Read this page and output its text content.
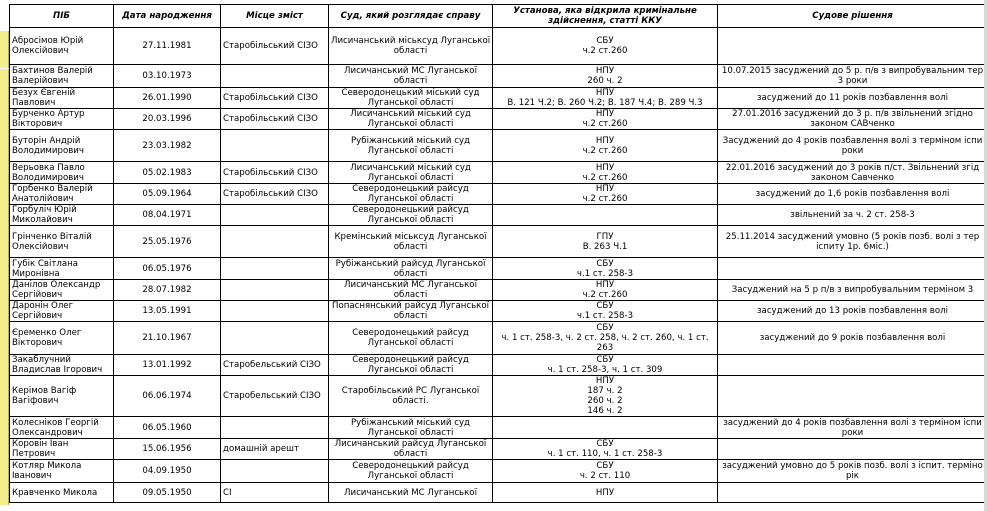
ПІБ	Дата народження	Місце зміст	Суд, який розглядає справу	Установа, яка відкрила кримінальне здійснення, статті ККУ	Судове рішення

Абросімов Юрій
Олексійович	27.11.1981	Старобільський СІЗО	Лисичанський міськсуд Луганської
області	СБУ
ч.2 ст.260	

Бахтинов Валерій
Валерійович	03.10.1973		Лисичанський МС Луганської
області	НПУ
260 ч. 2	10.07.2015 засуджений до 5 р. п/в з випробувальним тер
3 роки

Безух Євгеній
Павлович	26.01.1990	Старобільський СІЗО	Северодонецький міський суд
Луганської області	НПУ
В. 121 Ч.2; В. 260 Ч.2; В. 187 Ч.4; В. 289 Ч.3	засуджений до 11 років позбавлення волі

Бурченко Артур
Вікторович	20.03.1996	Старобільський СІЗО	Лисичанський міський суд
Луганської області	НПУ
ч.2 ст.260	27.01.2016 засуджений до 3 р. п/в звільнений згідно
законом САВченко

Буторін Андрій
Володимирович	23.03.1982		Рубіжанський міський суд
Луганської області	НПУ
ч.2 ст.260	Засуджений до 4 років позбавлення волі з терміном іспи
роки

Верьовка Павло
Володимирович	05.02.1983	Старобільський СІЗО	Лисичанський міський суд
Луганської області	НПУ
ч.2 ст.260	22.01.2016 засуджений до 3 років п/ст. Звільнений згід
законом Савченко

Горбенко Валерій
Анатолійович	05.09.1964	Старобільський СІЗО	Северодонецький райсуд
Луганської області	НПУ
ч.2 ст.260	засуджений до 1,6 років позбавлення волі

Горбуліч Юрій
Миколайович	08.04.1971		Северодонецький райсуд
Луганської області		звільнений за ч. 2 ст. 258-3

Грінченко Віталій
Олексійович	25.05.1976		Кремінський міськсуд Луганської
області	ГПУ
В. 263 Ч.1	25.11.2014 засуджений умовно (5 років позб. волі з тер
іспиту 1р. 6міс.)

Губік Світлана
Миронівна	06.05.1976		Рубіжанський райсуд Луганської
області	СБУ
ч.1 ст. 258-3	

Данілов Олександр
Сергійович	28.07.1982		Лисичанський МС Луганської
області	НПУ
ч.2 ст.260	Засуджений на 5 р п/в з випробувальним терміном 3

Даронін Олег
Сергійович	13.05.1991		Попаснянський райсуд Луганської
області	СБУ
ч.1 ст. 258-3	засуджений до 13 років позбавлення волі

Єременко Олег
Вікторович	21.10.1967		Северодонецький райсуд
Луганської області	СБУ
ч. 1 ст. 258-3, ч. 2 ст. 258, ч. 2 ст. 260, ч. 1 ст.
263	засуджений до 9 років позбавлення волі

Закаблучний
Владислав Ігорович	13.01.1992	Старобельський СІЗО	Северодонецький райсуд
Луганської області	СБУ
ч. 1 ст. 258-3, ч. 1 ст. 309	

Керімов Вагіф
Вагіфович	06.06.1974	Старобельський СІЗО	Старобільський РС Луганської
області.	НПУ
187 ч. 2
260 ч. 2
146 ч. 2	

Колесніков Георгій
Олександрович	06.05.1960		Рубіжанський міський суд
Луганської області		засуджений до 4 років позбавлення волі з терміном іспи
роки

Коровін Іван
Петрович	15.06.1956	домашній арешт	Лисичанський райсуд Луганської
області	СБУ
ч. 1 ст. 110, ч. 1 ст. 258-3	

Котляр Микола
Іванович	04.09.1950		Северодонецький райсуд
Луганської області	СБУ
ч. 2 ст. 110	засуджений умовно до 5 років позб. волі з іспит. терміно
рік

Кравченко Микола	09.05.1950	СІ	Лисичанський МС Луганської	НПУ	
